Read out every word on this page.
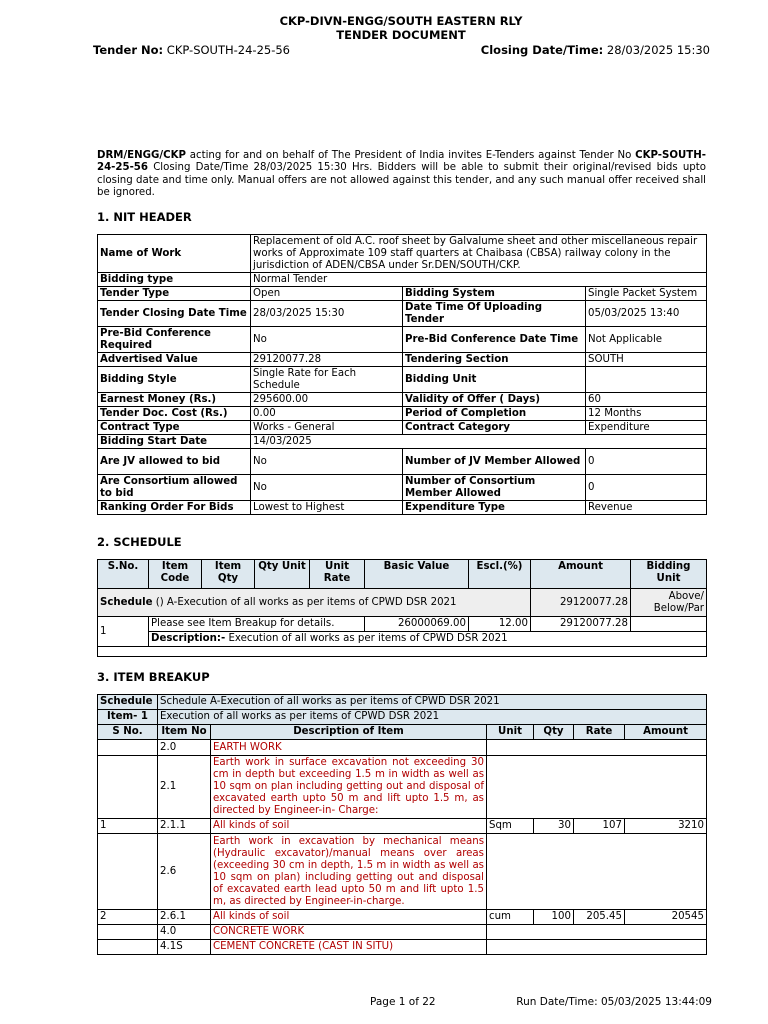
CKP-DIVN-ENGG/SOUTH EASTERN RLY
TENDER DOCUMENT
Tender No: CKP-SOUTH-24-25-56	Closing Date/Time: 28/03/2025 15:30
DRM/ENGG/CKP acting for and on behalf of The President of India invites E-Tenders against Tender No CKP-SOUTH-24-25-56 Closing Date/Time 28/03/2025 15:30 Hrs. Bidders will be able to submit their original/revised bids upto closing date and time only. Manual offers are not allowed against this tender, and any such manual offer received shall be ignored.
1. NIT HEADER
Name of Work	Replacement of old A.C. roof sheet by Galvalume sheet and other miscellaneous repair works of Approximate 109 staff quarters at Chaibasa (CBSA) railway colony in the jurisdiction of ADEN/CBSA under Sr.DEN/SOUTH/CKP.		
Bidding type	Normal Tender		
Tender Type	Open	Bidding System	Single Packet System
Tender Closing Date Time	28/03/2025 15:30	Date Time Of Uploading Tender	05/03/2025 13:40
Pre-Bid Conference Required	No	Pre-Bid Conference Date Time	Not Applicable
Advertised Value	29120077.28	Tendering Section	SOUTH
Bidding Style	Single Rate for Each Schedule	Bidding Unit	
Earnest Money (Rs.)	295600.00	Validity of Offer ( Days)	60
Tender Doc. Cost (Rs.)	0.00	Period of Completion	12 Months
Contract Type	Works - General	Contract Category	Expenditure
Bidding Start Date	14/03/2025		
Are JV allowed to bid	No	Number of JV Member Allowed	0
Are Consortium allowed to bid	No	Number of Consortium Member Allowed	0
Ranking Order For Bids	Lowest to Highest	Expenditure Type	Revenue
2. SCHEDULE
S.No.	Item Code	Item Qty	Qty Unit	Unit Rate	Basic Value	Escl.(%)	Amount	Bidding Unit
Schedule () A-Execution of all works as per items of CPWD DSR 2021							29120077.28	Above/ Below/Par
1	Please see Item Breakup for details.				26000069.00	12.00	29120077.28	
	Description:- Execution of all works as per items of CPWD DSR 2021							

3. ITEM BREAKUP
Schedule	Schedule A-Execution of all works as per items of CPWD DSR 2021					
Item- 1	Execution of all works as per items of CPWD DSR 2021					
S No.	Item No	Description of Item	Unit	Qty	Rate	Amount
	2.0	EARTH WORK				
	2.1	Earth work in surface excavation not exceeding 30 cm in depth but exceeding 1.5 m in width as well as 10 sqm on plan including getting out and disposal of excavated earth upto 50 m and lift upto 1.5 m, as directed by Engineer-in- Charge:				
1	2.1.1	All kinds of soil	Sqm	30	107	3210
	2.6	Earth work in excavation by mechanical means (Hydraulic excavator)/manual means over areas (exceeding 30 cm in depth, 1.5 m in width as well as 10 sqm on plan) including getting out and disposal of excavated earth lead upto 50 m and lift upto 1.5 m, as directed by Engineer-in-charge.				
2	2.6.1	All kinds of soil	cum	100	205.45	20545
	4.0	CONCRETE WORK				
	4.1S	CEMENT CONCRETE (CAST IN SITU)				
Page 1 of 22	Run Date/Time: 05/03/2025 13:44:09
